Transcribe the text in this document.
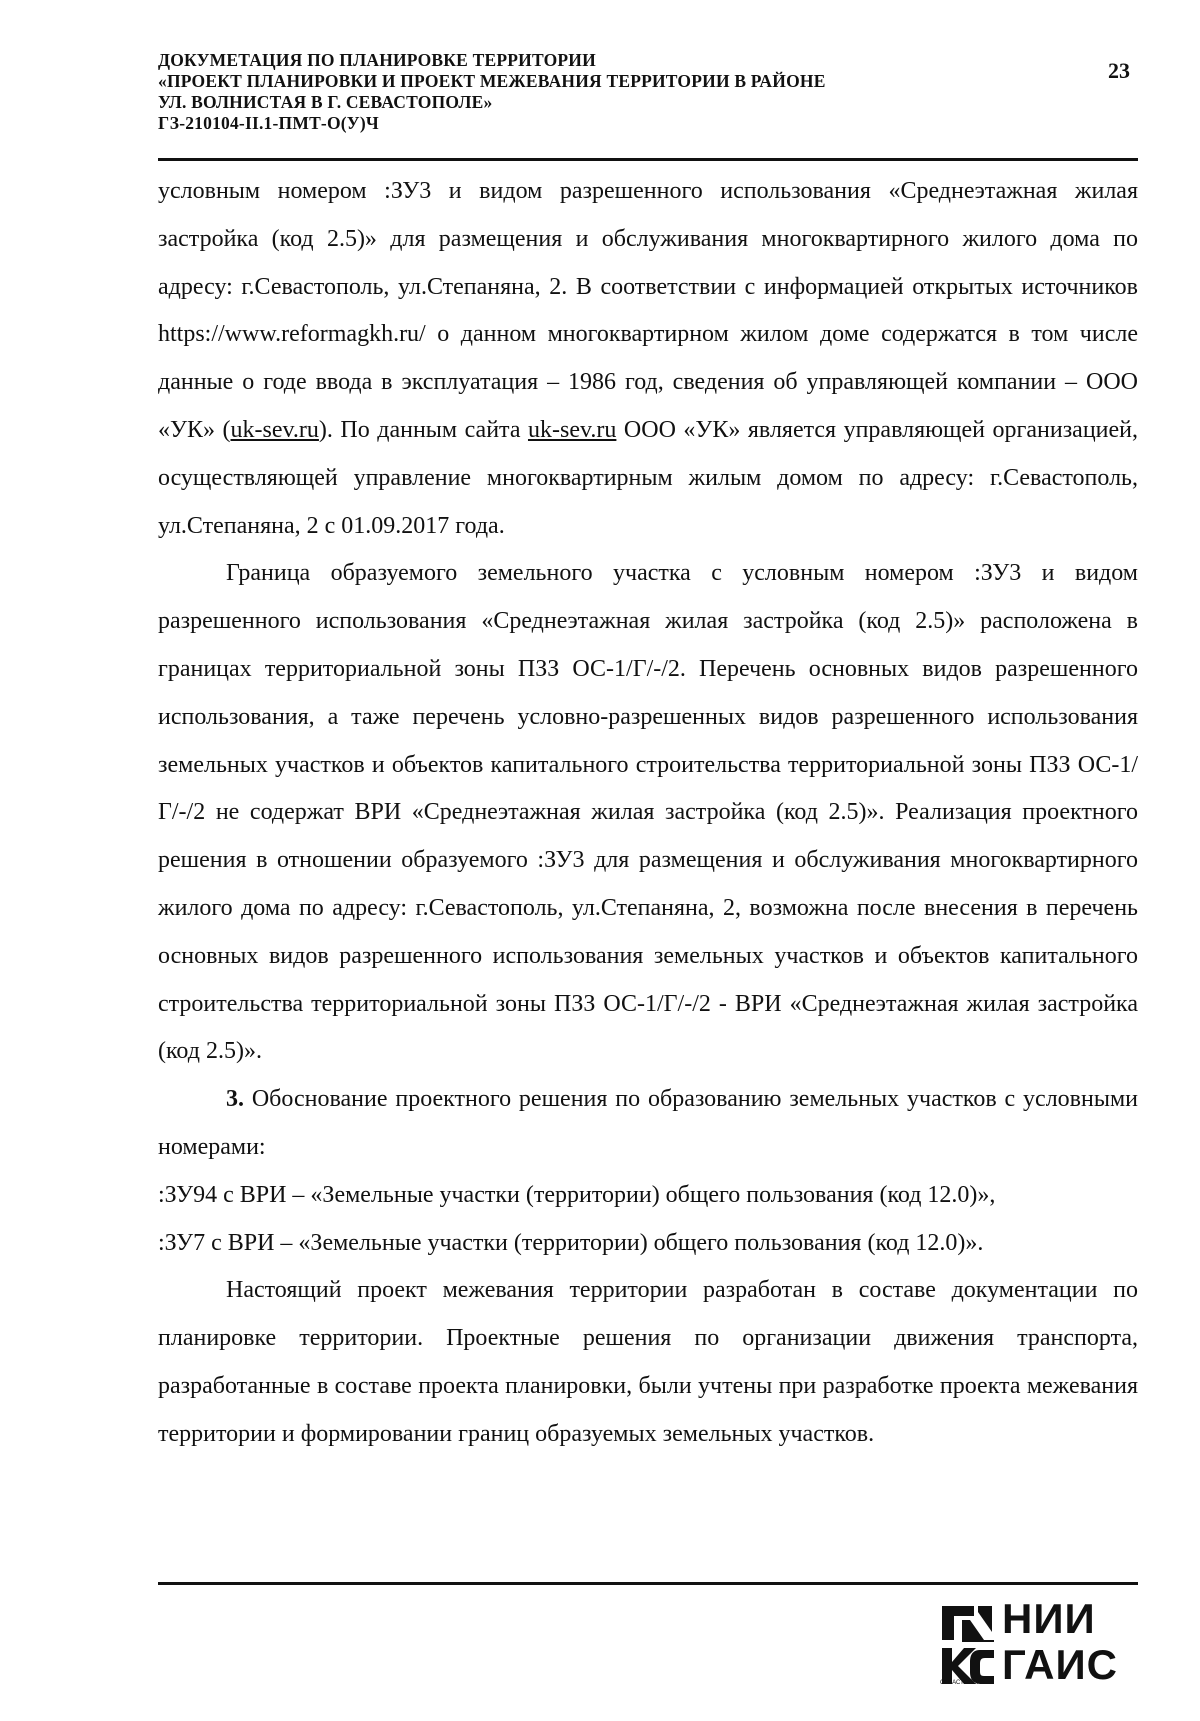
ДОКУМЕТАЦИЯ ПО ПЛАНИРОВКЕ ТЕРРИТОРИИ
«ПРОЕКТ ПЛАНИРОВКИ И ПРОЕКТ МЕЖЕВАНИЯ ТЕРРИТОРИИ В РАЙОНЕ
УЛ. ВОЛНИСТАЯ В Г. СЕВАСТОПОЛЕ»
ГЗ-210104-II.1-ПМТ-О(У)Ч
23

условным номером :ЗУ3 и видом разрешенного использования «Среднеэтажная жилая застройка (код 2.5)» для размещения и обслуживания многоквартирного жилого дома по адресу: г.Севастополь, ул.Степаняна, 2. В соответствии с информацией открытых источников https://www.reformagkh.ru/ о данном многоквартирном жилом доме содержатся в том числе данные о годе ввода в эксплуатация – 1986 год, сведения об управляющей компании – ООО «УК» (uk-sev.ru). По данным сайта uk-sev.ru ООО «УК» является управляющей организацией, осуществляющей управление многоквартирным жилым домом по адресу: г.Севастополь, ул.Степаняна, 2 с 01.09.2017 года.

Граница образуемого земельного участка с условным номером :ЗУ3 и видом разрешенного использования «Среднеэтажная жилая застройка (код 2.5)» расположена в границах территориальной зоны ПЗЗ ОС-1/Г/-/2. Перечень основных видов разрешенного использования, а таже перечень условно-разрешенных видов разрешенного использования земельных участков и объектов капитального строительства территориальной зоны ПЗЗ ОС-1/Г/-/2 не содержат ВРИ «Среднеэтажная жилая застройка (код 2.5)». Реализация проектного решения в отношении образуемого :ЗУ3 для размещения и обслуживания многоквартирного жилого дома по адресу: г.Севастополь, ул.Степаняна, 2, возможна после внесения в перечень основных видов разрешенного использования земельных участков и объектов капитального строительства территориальной зоны ПЗЗ ОС-1/Г/-/2 - ВРИ «Среднеэтажная жилая застройка (код 2.5)».

3. Обоснование проектного решения по образованию земельных участков с условными номерами:

:ЗУ94 с ВРИ – «Земельные участки (территории) общего пользования (код 12.0)»,

:ЗУ7 с ВРИ – «Земельные участки (территории) общего пользования (код 12.0)».

Настоящий проект межевания территории разработан в составе документации по планировке территории. Проектные решения по организации движения транспорта, разработанные в составе проекта планировки, были учтены при разработке проекта межевания территории и формировании границ образуемых земельных участков.

НИИ
ГАИС
СЕВАСТОПОЛЬ
